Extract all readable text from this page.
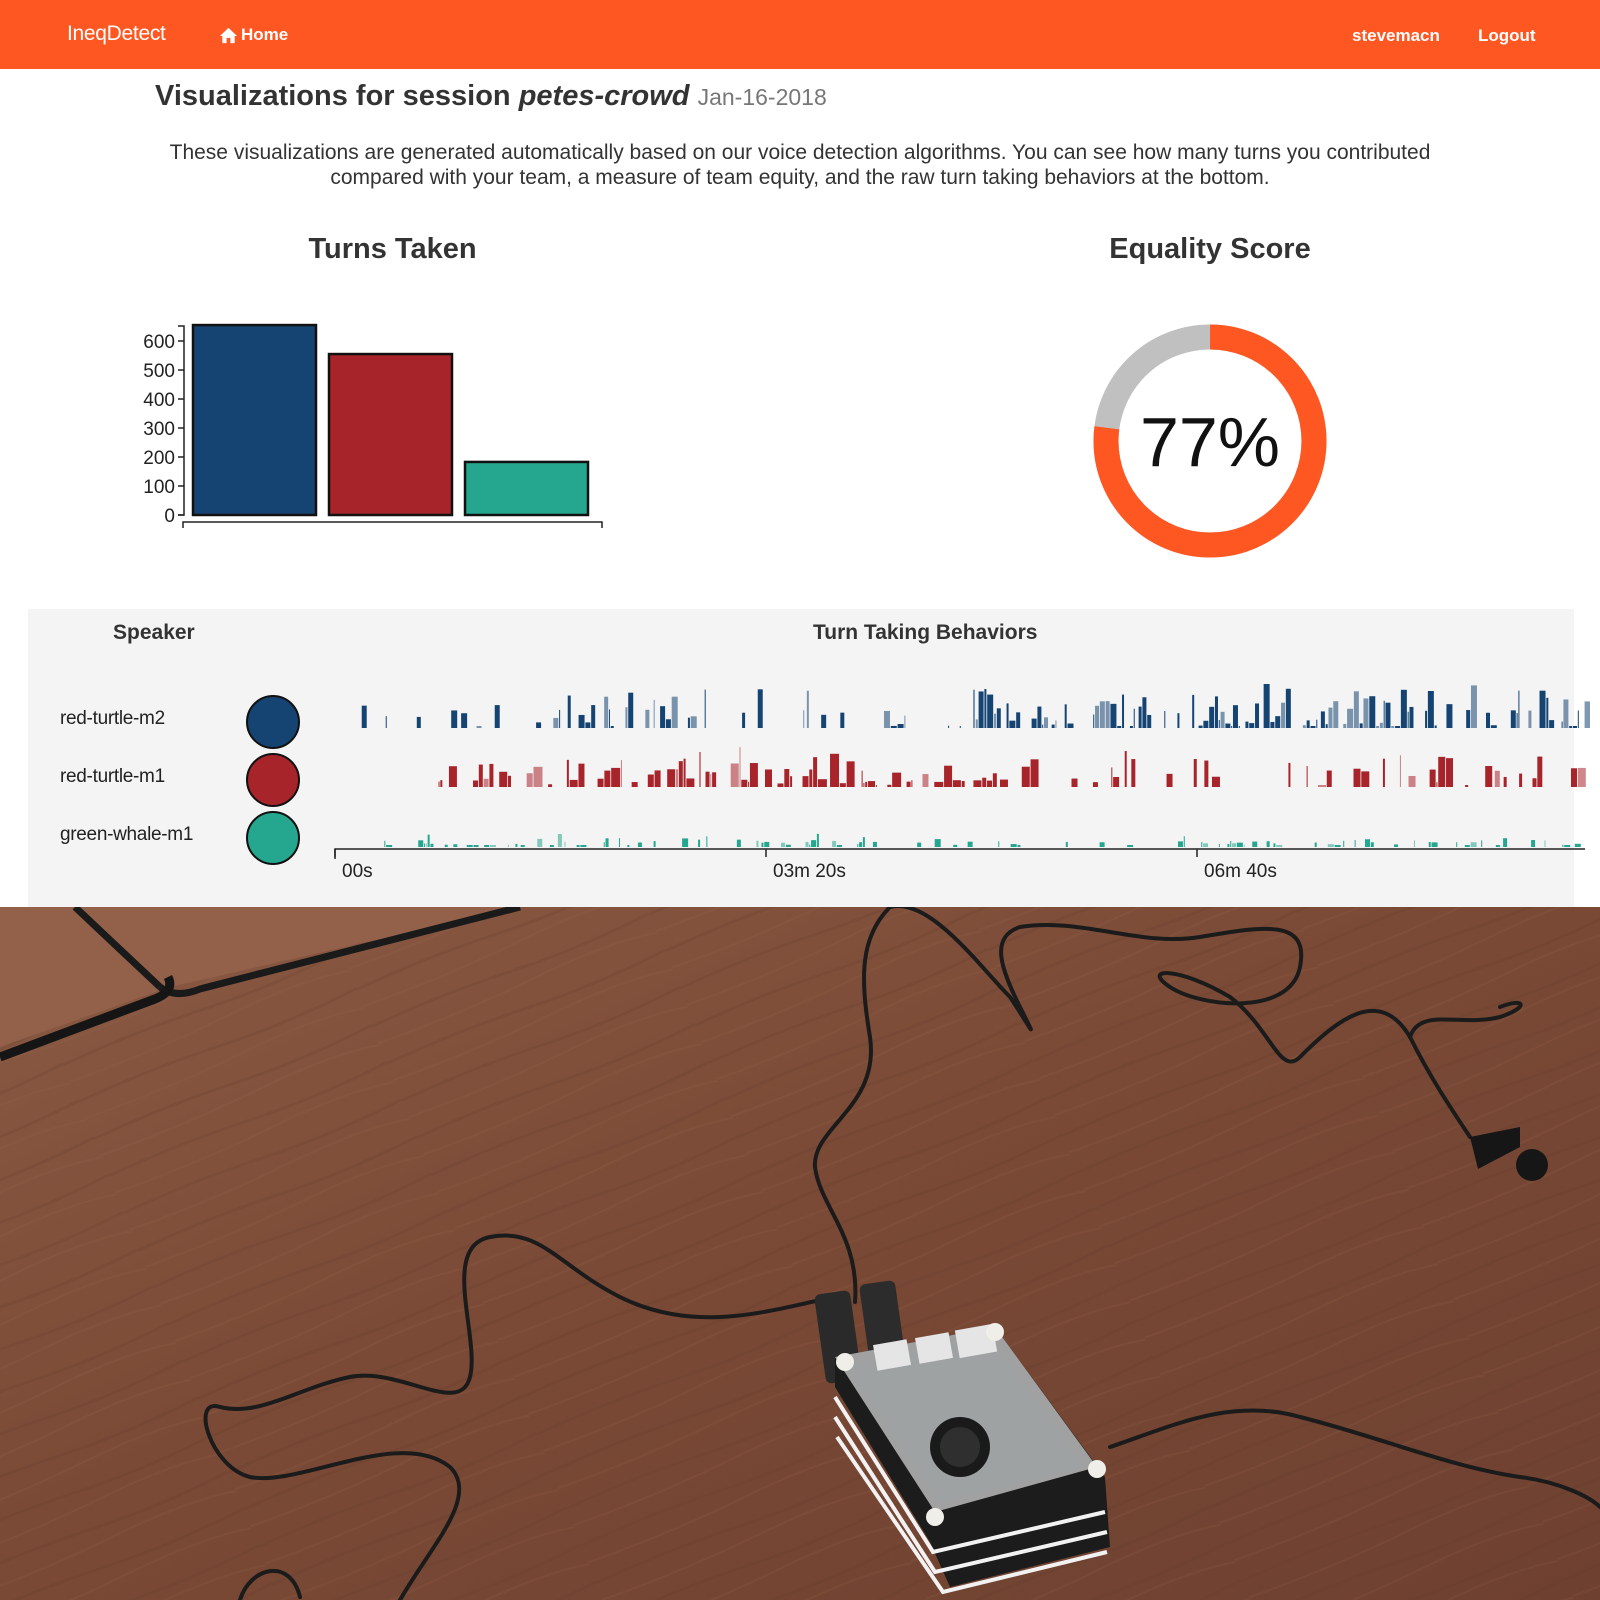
IneqDetect	Home	stevemacn Logout
Visualizations for session petes-crowd Jan-16-2018
These visualizations are generated automatically based on our voice detection algorithms. You can see how many turns you contributed compared with your team, a measure of team equity, and the raw turn taking behaviors at the bottom.
Turns Taken	Equality Score
0
100
200
300
400
500
600
77%
Speaker	Turn Taking Behaviors
red-turtle-m2
red-turtle-m1
green-whale-m1
00s	03m 20s	06m 40s
